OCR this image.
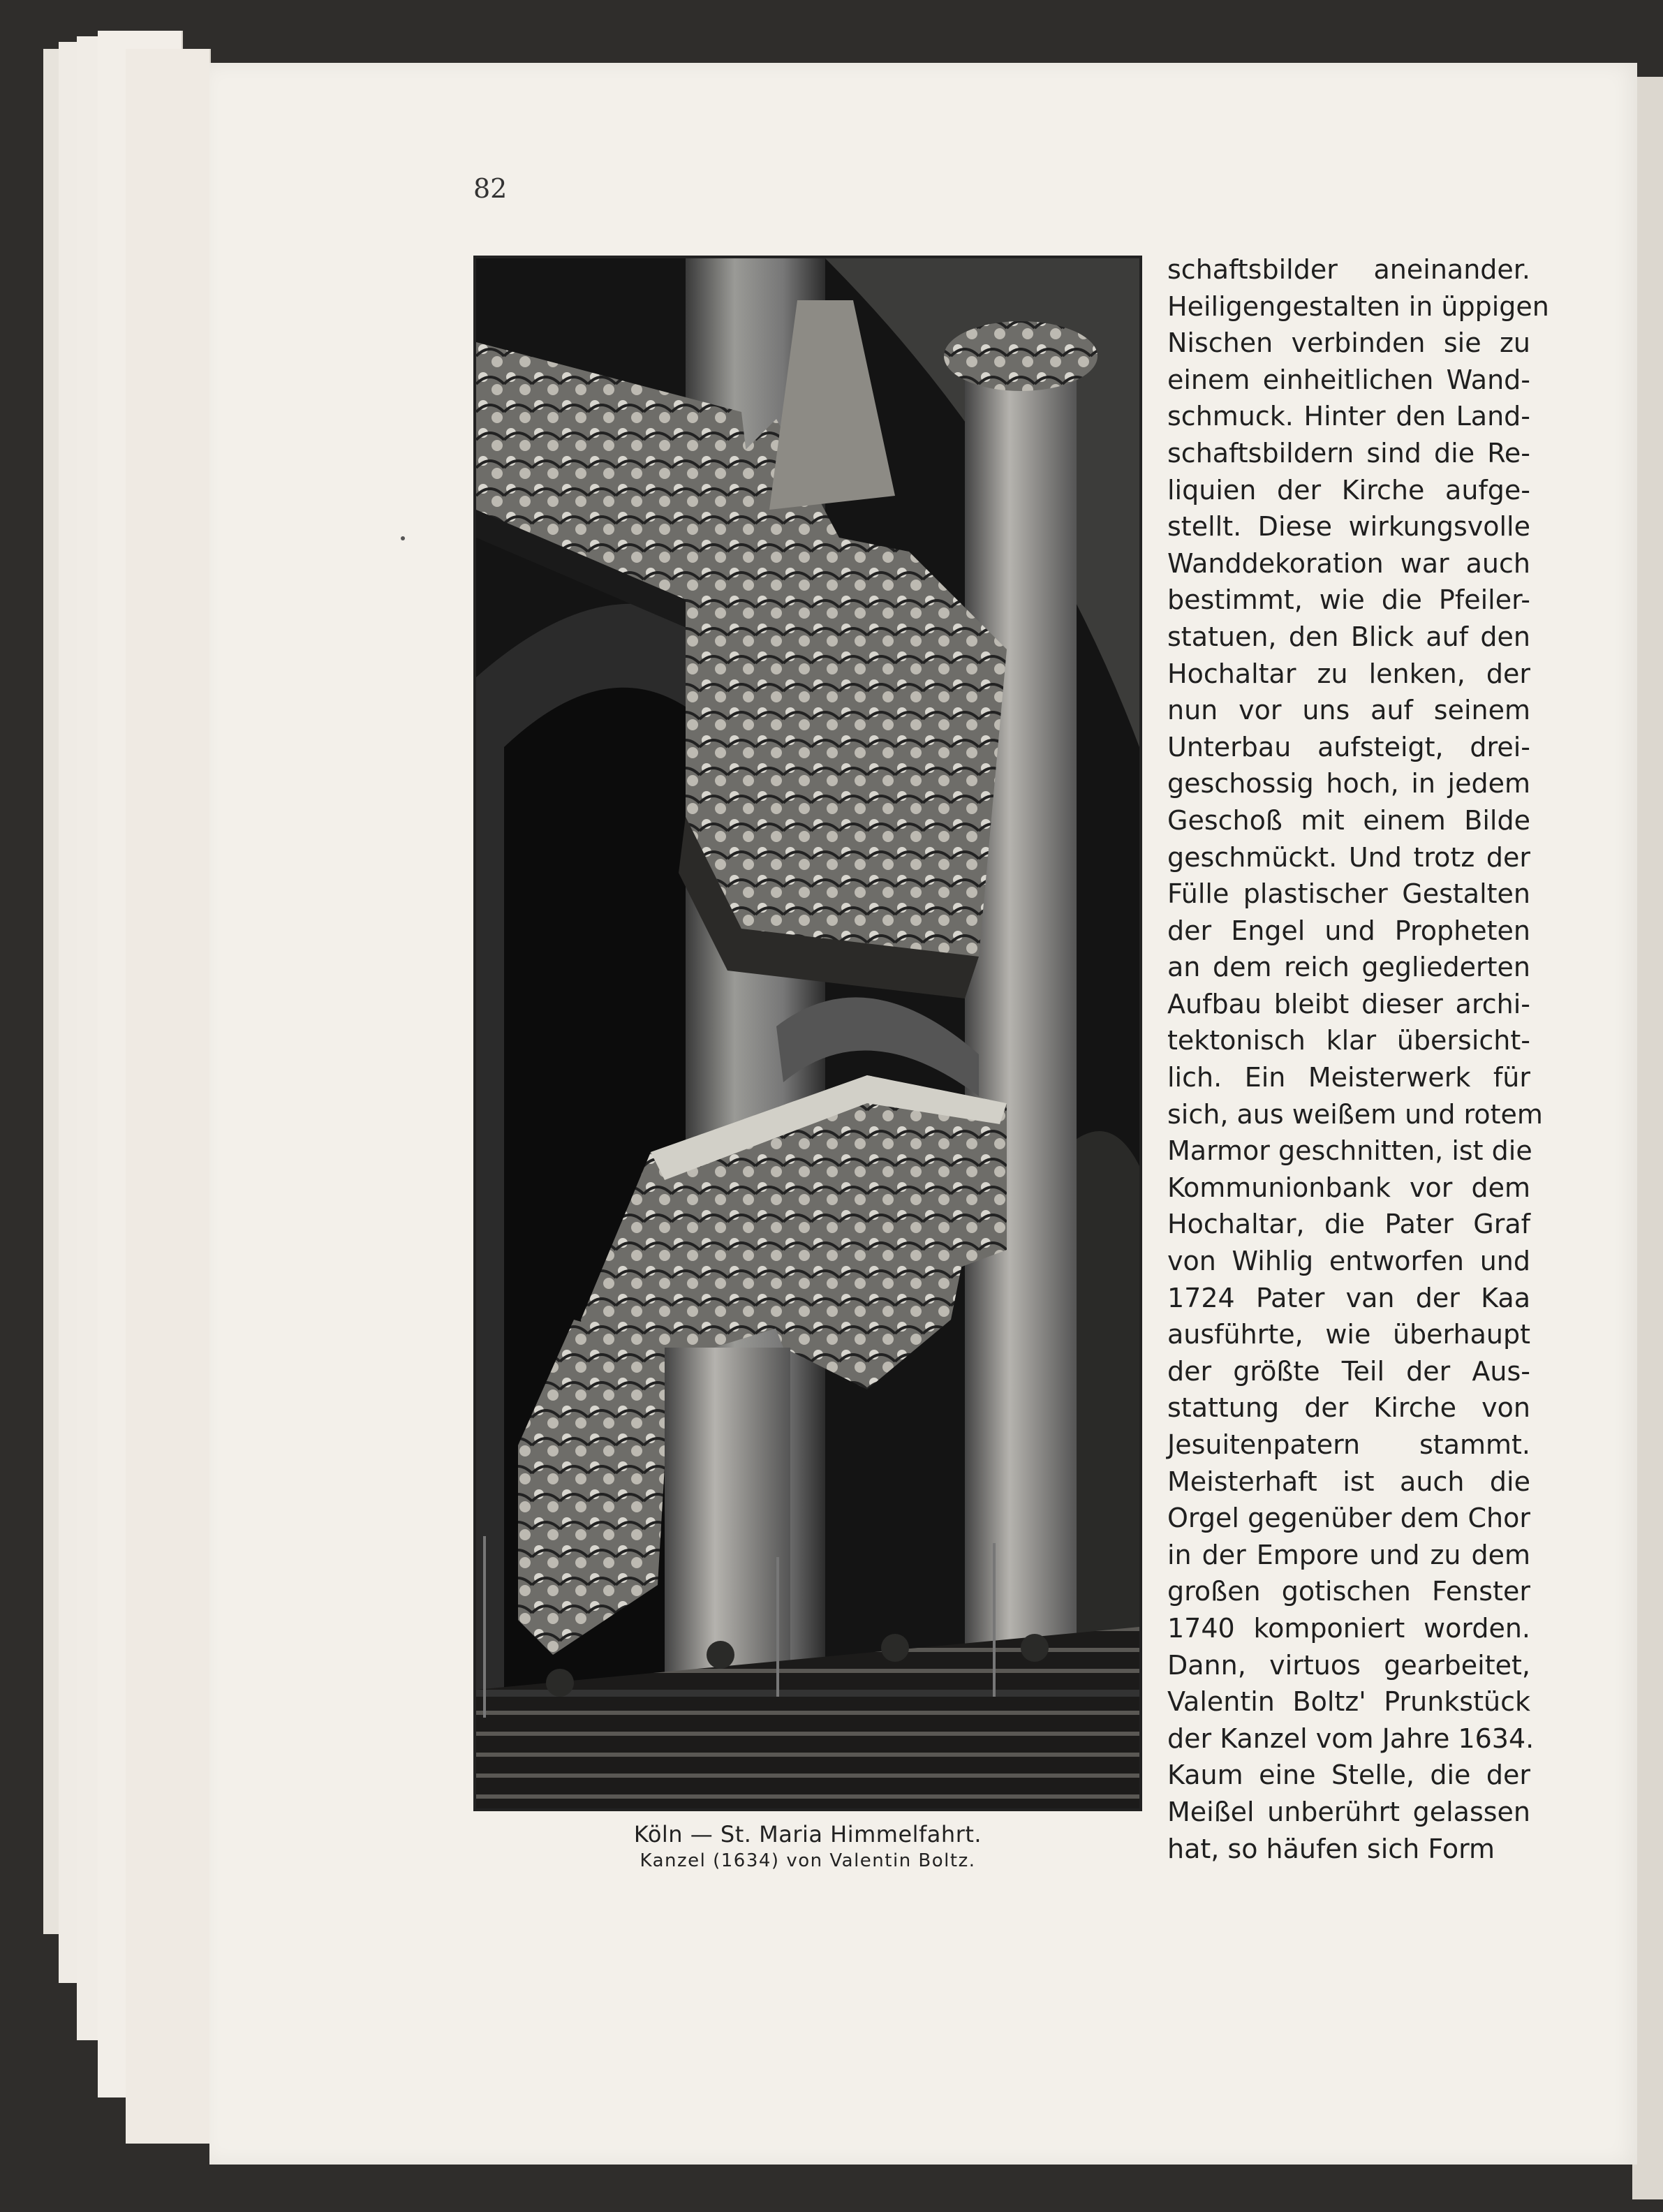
82
Köln — St. Maria Himmelfahrt.
Kanzel (1634) von Valentin Boltz.
schaftsbilder aneinander.
Heiligengestalten in üppigen
Nischen verbinden sie zu
einem einheitlichen Wand-
schmuck. Hinter den Land-
schaftsbildern sind die Re-
liquien der Kirche aufge-
stellt. Diese wirkungsvolle
Wanddekoration war auch
bestimmt, wie die Pfeiler-
statuen, den Blick auf den
Hochaltar zu lenken, der
nun vor uns auf seinem
Unterbau aufsteigt, drei-
geschossig hoch, in jedem
Geschoß mit einem Bilde
geschmückt. Und trotz der
Fülle plastischer Gestalten
der Engel und Propheten
an dem reich gegliederten
Aufbau bleibt dieser archi-
tektonisch klar übersicht-
lich. Ein Meisterwerk für
sich, aus weißem und rotem
Marmor geschnitten, ist die
Kommunionbank vor dem
Hochaltar, die Pater Graf
von Wihlig entworfen und
1724 Pater van der Kaa
ausführte, wie überhaupt
der größte Teil der Aus-
stattung der Kirche von
Jesuitenpatern stammt.
Meisterhaft ist auch die
Orgel gegenüber dem Chor
in der Empore und zu dem
großen gotischen Fenster
1740 komponiert worden.
Dann, virtuos gearbeitet,
Valentin Boltz' Prunkstück
der Kanzel vom Jahre 1634.
Kaum eine Stelle, die der
Meißel unberührt gelassen
hat, so häufen sich Form
